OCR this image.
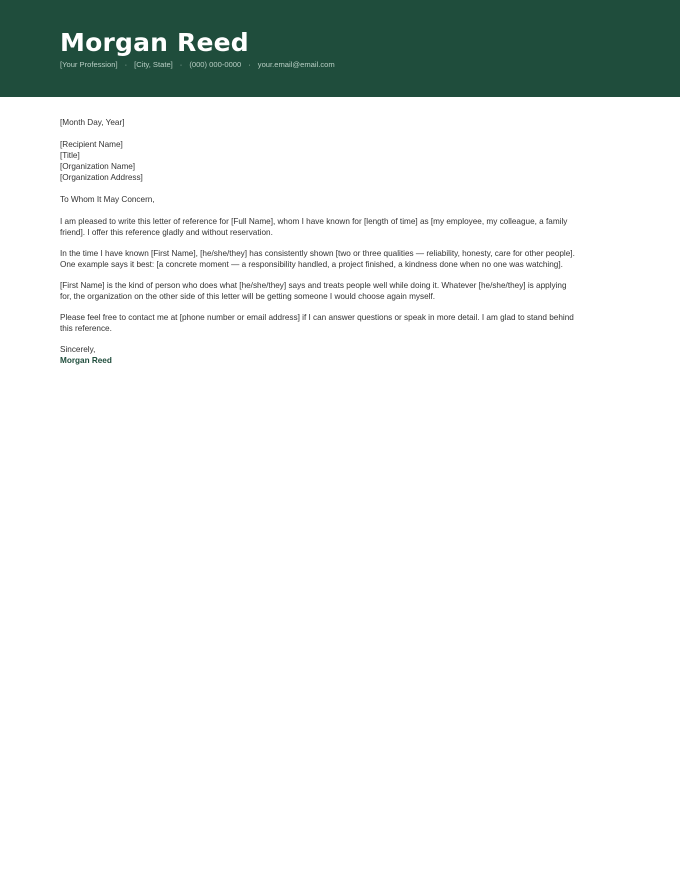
Morgan Reed
[Your Profession] · [City, State] · (000) 000-0000 · your.email@email.com
[Month Day, Year]
[Recipient Name]
[Title]
[Organization Name]
[Organization Address]
To Whom It May Concern,
I am pleased to write this letter of reference for [Full Name], whom I have known for [length of time] as [my employee, my colleague, a family
friend]. I offer this reference gladly and without reservation.
In the time I have known [First Name], [he/she/they] has consistently shown [two or three qualities — reliability, honesty, care for other people].
One example says it best: [a concrete moment — a responsibility handled, a project finished, a kindness done when no one was watching].
[First Name] is the kind of person who does what [he/she/they] says and treats people well while doing it. Whatever [he/she/they] is applying
for, the organization on the other side of this letter will be getting someone I would choose again myself.
Please feel free to contact me at [phone number or email address] if I can answer questions or speak in more detail. I am glad to stand behind
this reference.
Sincerely,
Morgan Reed
